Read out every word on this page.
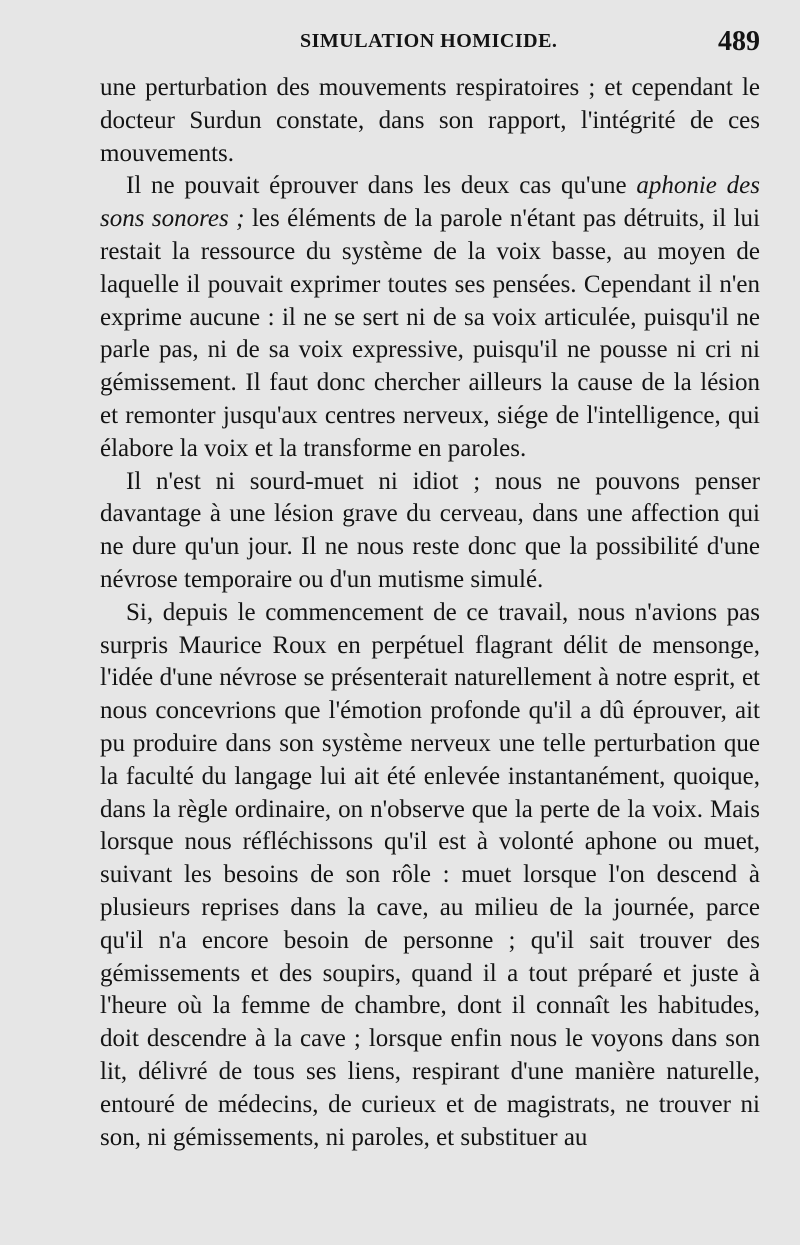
SIMULATION HOMICIDE.	489

une perturbation des mouvements respiratoires ; et cependant le docteur Surdun constate, dans son rapport, l'intégrité de ces mouvements.

Il ne pouvait éprouver dans les deux cas qu'une aphonie des sons sonores ; les éléments de la parole n'étant pas détruits, il lui restait la ressource du système de la voix basse, au moyen de laquelle il pouvait exprimer toutes ses pensées. Cependant il n'en exprime aucune : il ne se sert ni de sa voix articulée, puisqu'il ne parle pas, ni de sa voix expressive, puisqu'il ne pousse ni cri ni gémissement. Il faut donc chercher ailleurs la cause de la lésion et remonter jusqu'aux centres nerveux, siége de l'intelligence, qui élabore la voix et la transforme en paroles.

Il n'est ni sourd-muet ni idiot ; nous ne pouvons penser davantage à une lésion grave du cerveau, dans une affection qui ne dure qu'un jour. Il ne nous reste donc que la possibilité d'une névrose temporaire ou d'un mutisme simulé.

Si, depuis le commencement de ce travail, nous n'avions pas surpris Maurice Roux en perpétuel flagrant délit de mensonge, l'idée d'une névrose se présenterait naturellement à notre esprit, et nous concevrions que l'émotion profonde qu'il a dû éprouver, ait pu produire dans son système nerveux une telle perturbation que la faculté du langage lui ait été enlevée instantanément, quoique, dans la règle ordinaire, on n'observe que la perte de la voix. Mais lorsque nous réfléchissons qu'il est à volonté aphone ou muet, suivant les besoins de son rôle : muet lorsque l'on descend à plusieurs reprises dans la cave, au milieu de la journée, parce qu'il n'a encore besoin de personne ; qu'il sait trouver des gémissements et des soupirs, quand il a tout préparé et juste à l'heure où la femme de chambre, dont il connaît les habitudes, doit descendre à la cave ; lorsque enfin nous le voyons dans son lit, délivré de tous ses liens, respirant d'une manière naturelle, entouré de médecins, de curieux et de magistrats, ne trouver ni son, ni gémissements, ni paroles, et substituer au
